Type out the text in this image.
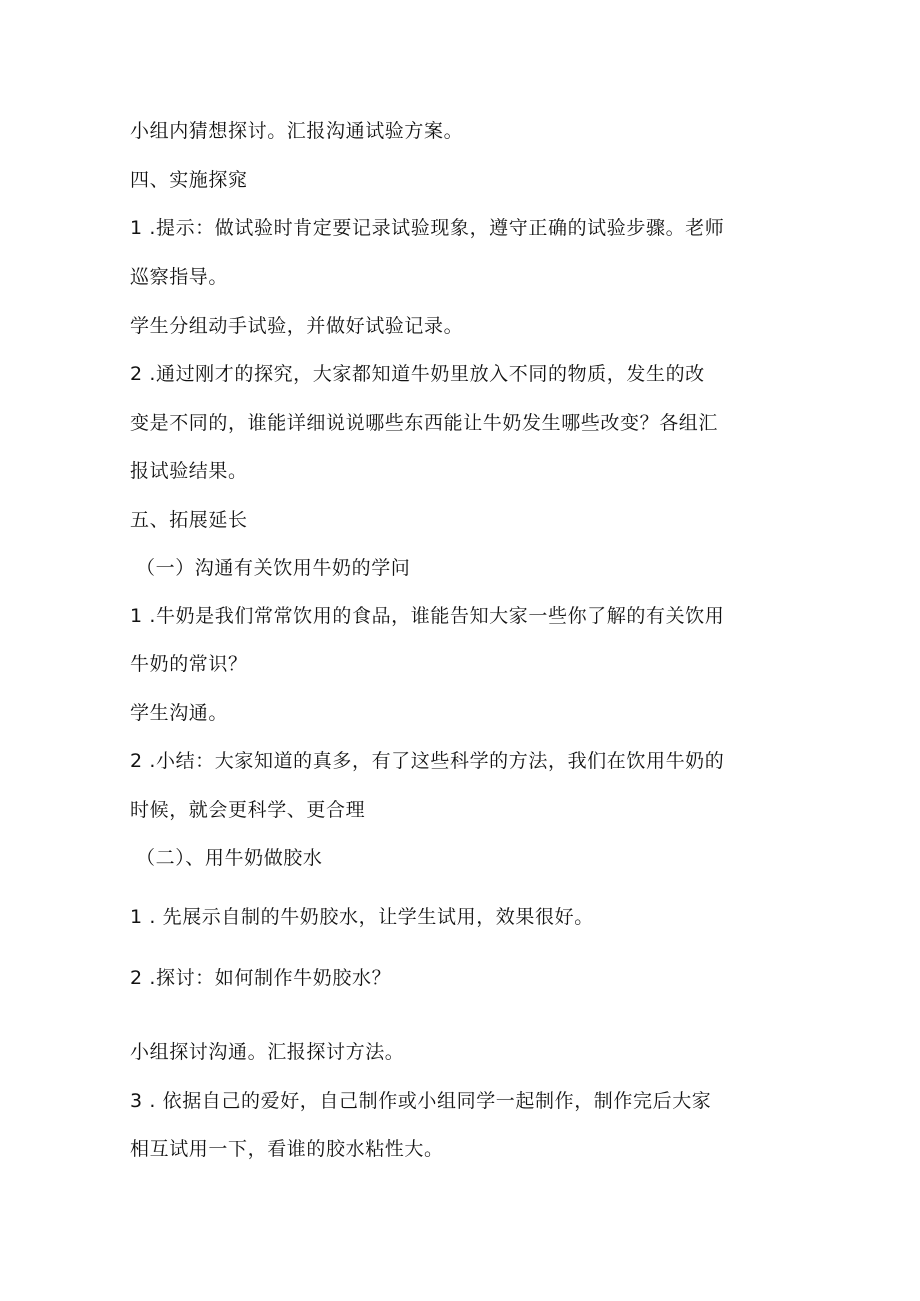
小组内猜想探讨。汇报沟通试验方案。
四、实施探窕
1 .提示：做试验时肯定要记录试验现象，遵守正确的试验步骤。老师
巡察指导。
学生分组动手试验，并做好试验记录。
2 .通过刚才的探究，大家都知道牛奶里放入不同的物质，发生的改
变是不同的，谁能详细说说哪些东西能让牛奶发生哪些改变？各组汇
报试验结果。
五、拓展延长
（一）沟通有关饮用牛奶的学问
1 .牛奶是我们常常饮用的食品，谁能告知大家一些你了解的有关饮用
牛奶的常识？
学生沟通。
2 .小结：大家知道的真多，有了这些科学的方法，我们在饮用牛奶的
时候，就会更科学、更合理
（二）、用牛奶做胶水
1 . 先展示自制的牛奶胶水，让学生试用，效果很好。
2 .探讨：如何制作牛奶胶水？
小组探讨沟通。汇报探讨方法。
3 . 依据自己的爱好，自己制作或小组同学一起制作，制作完后大家
相互试用一下，看谁的胶水粘性大。
